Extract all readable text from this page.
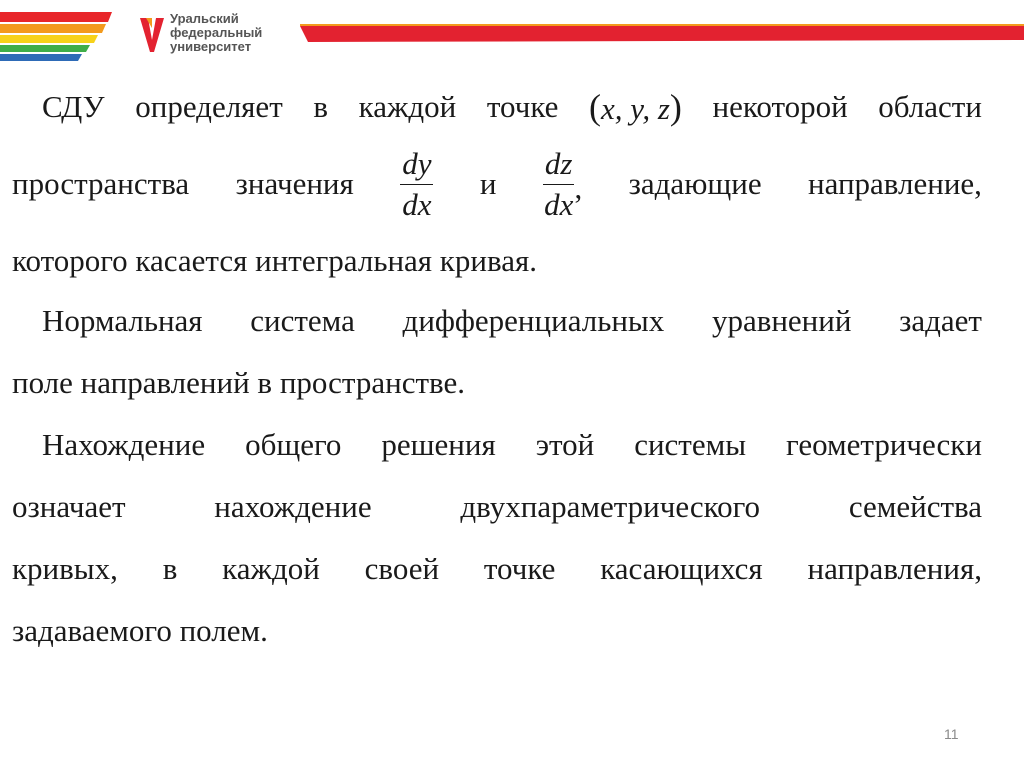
Уральский
федеральный
университет
СДУ определяет в каждой точке (x, y, z) некоторой области
пространства значения $\frac{dy}{dx}$ и $\frac{dz}{dx}$ , задающие направление,
которого касается интегральная кривая.
Нормальная система дифференциальных уравнений задает
поле направлений в пространстве.
Нахождение общего решения этой системы геометрически
означает	нахождение	двухпараметрического	семейства
кривых, в каждой своей точке касающихся направления,
задаваемого полем.
11
